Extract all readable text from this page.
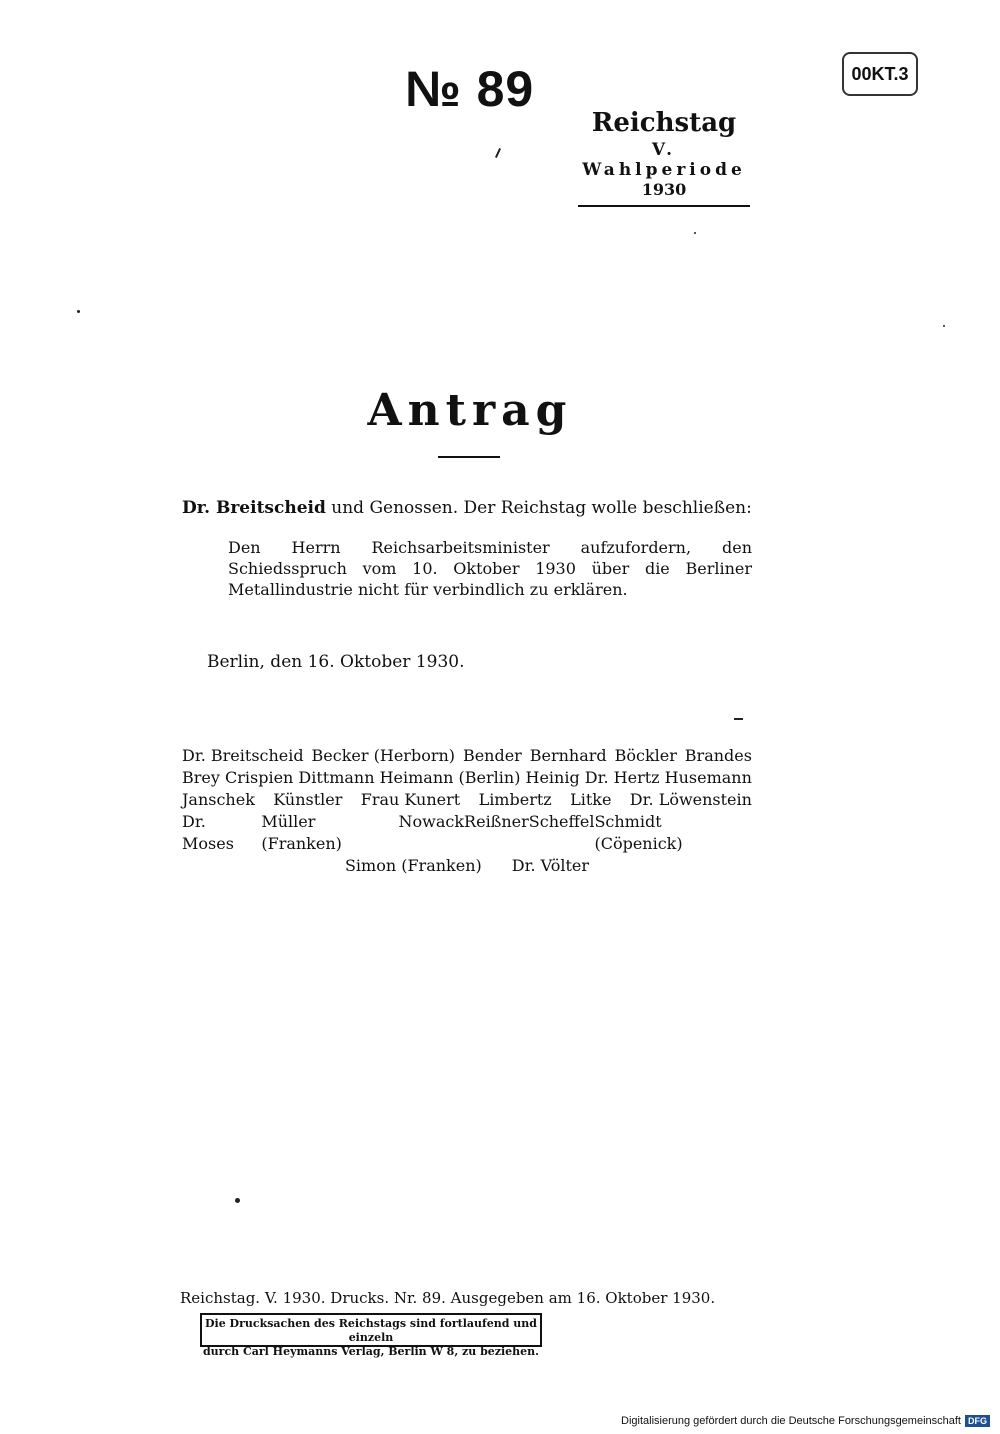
№ 89	00KT.3
Reichstag
V. Wahlperiode
1930
Antrag
Dr. Breitscheid und Genossen. Der Reichstag wolle beschließen:
Den Herrn Reichsarbeitsminister aufzufordern, den Schiedsspruch vom 10. Oktober 1930 über die Berliner Metallindustrie nicht für verbindlich zu erklären.
Berlin, den 16. Oktober 1930.
Dr. Breitscheid Becker (Herborn) Bender Bernhard Böckler Brandes
Brey Crispien Dittmann Heimann (Berlin) Heinig Dr. Hertz Husemann
Janschek Künstler Frau Kunert Limbertz Litke Dr. Löwenstein
Dr. Moses
Müller (Franken)
Nowack Reißner Scheffel Schmidt (Cöpenick)
Simon (Franken) Dr. Völter
Reichstag. V. 1930. Drucks. Nr. 89. Ausgegeben am 16. Oktober 1930.
Die Drucksachen des Reichstags sind fortlaufend und einzeln
durch Carl Heymanns Verlag, Berlin W 8, zu beziehen.
Digitalisierung gefördert durch die Deutsche Forschungsgemeinschaft DFG
